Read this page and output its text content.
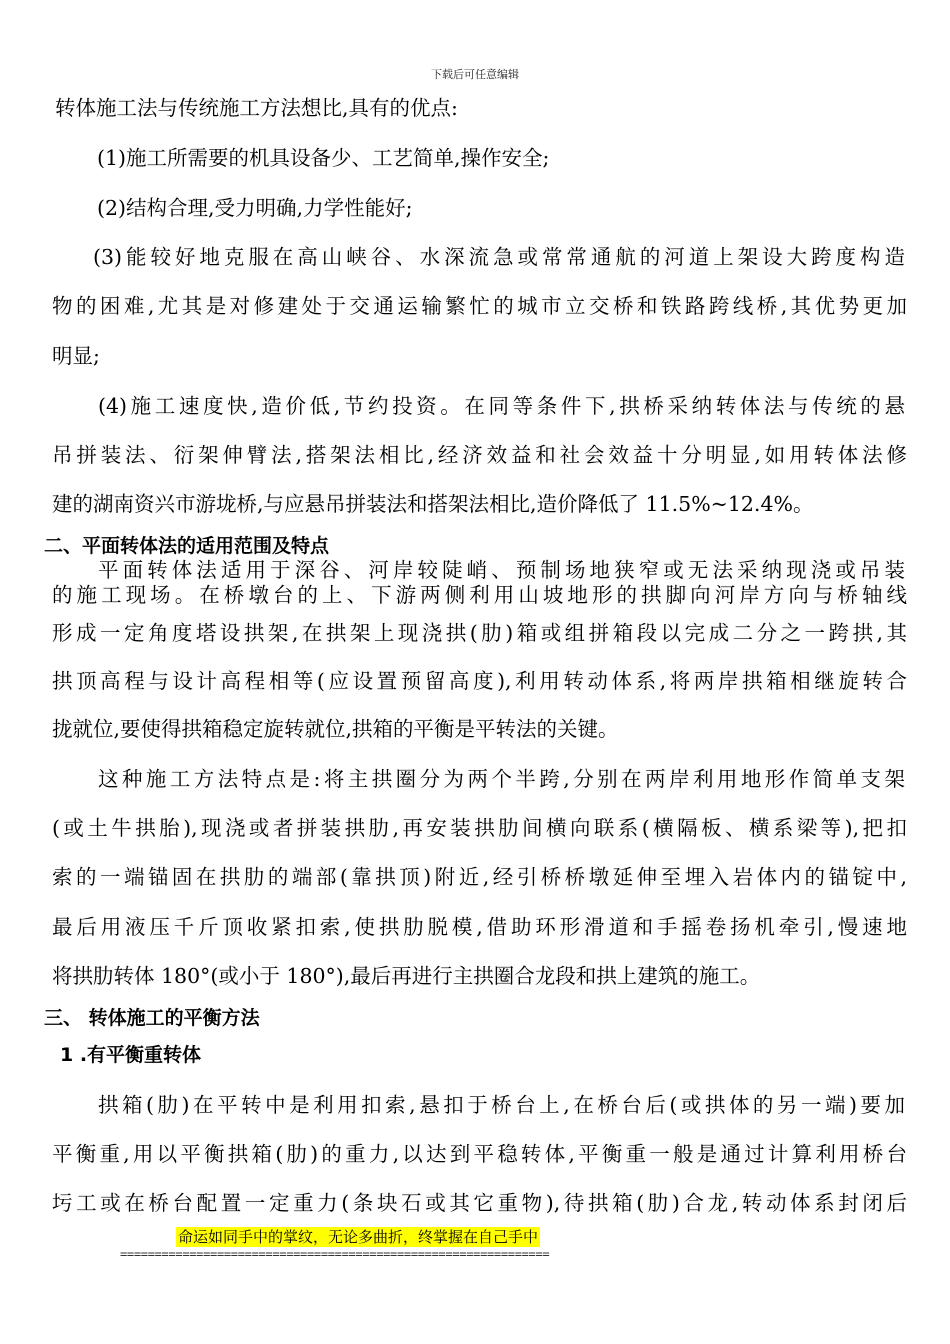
下载后可任意编辑
转体施工法与传统施工方法想比,具有的优点:
(1)施工所需要的机具设备少、工艺简单,操作安全;
(2)结构合理,受力明确,力学性能好;
(3)能较好地克服在高山峡谷、水深流急或常常通航的河道上架设大跨度构造
物的困难,尤其是对修建处于交通运输繁忙的城市立交桥和铁路跨线桥,其优势更加
明显;
(4)施工速度快,造价低,节约投资。在同等条件下,拱桥采纳转体法与传统的悬
吊拼装法、衍架伸臂法,搭架法相比,经济效益和社会效益十分明显,如用转体法修
建的湖南资兴市游垅桥,与应悬吊拼装法和搭架法相比,造价降低了 11.5%~12.4%。
二、平面转体法的适用范围及特点
平面转体法适用于深谷、河岸较陡峭、预制场地狭窄或无法采纳现浇或吊装
的施工现场。在桥墩台的上、下游两侧利用山坡地形的拱脚向河岸方向与桥轴线
形成一定角度塔设拱架,在拱架上现浇拱(肋)箱或组拼箱段以完成二分之一跨拱,其
拱顶高程与设计高程相等(应设置预留高度),利用转动体系,将两岸拱箱相继旋转合
拢就位,要使得拱箱稳定旋转就位,拱箱的平衡是平转法的关键。
这种施工方法特点是:将主拱圈分为两个半跨,分别在两岸利用地形作简单支架
(或土牛拱胎),现浇或者拼装拱肋,再安装拱肋间横向联系(横隔板、横系梁等),把扣
索的一端锚固在拱肋的端部(靠拱顶)附近,经引桥桥墩延伸至埋入岩体内的锚锭中,
最后用液压千斤顶收紧扣索,使拱肋脱模,借助环形滑道和手摇卷扬机牵引,慢速地
将拱肋转体 180°(或小于 180°),最后再进行主拱圈合龙段和拱上建筑的施工。
三、 转体施工的平衡方法
1 .有平衡重转体
拱箱(肋)在平转中是利用扣索,悬扣于桥台上,在桥台后(或拱体的另一端)要加
平衡重,用以平衡拱箱(肋)的重力,以达到平稳转体,平衡重一般是通过计算利用桥台
圬工或在桥台配置一定重力(条块石或其它重物),待拱箱(肋)合龙,转动体系封闭后
命运如同手中的掌纹，无论多曲折，终掌握在自己手中
==============================================================
